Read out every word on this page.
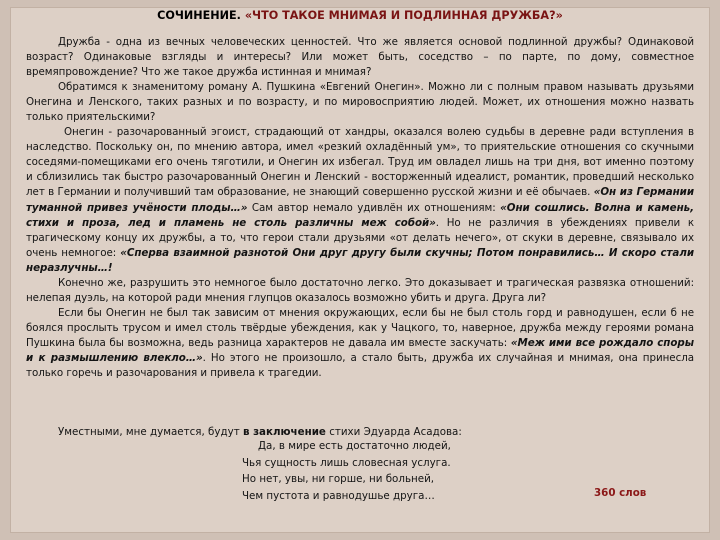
СОЧИНЕНИЕ. «ЧТО ТАКОЕ МНИМАЯ И ПОДЛИННАЯ ДРУЖБА?»

Дружба - одна из вечных человеческих ценностей. Что же является основой подлинной дружбы? Одинаковой возраст? Одинаковые взгляды и интересы? Или может быть, соседство – по парте, по дому, совместное времяпровождение? Что же такое дружба истинная и мнимая?

Обратимся к знаменитому роману А. Пушкина «Евгений Онегин». Можно ли с полным правом называть друзьями Онегина и Ленского, таких разных и по возрасту, и по мировосприятию людей. Может, их отношения можно назвать только приятельскими?

Онегин - разочарованный эгоист, страдающий от хандры, оказался волею судьбы в деревне ради вступления в наследство. Поскольку он, по мнению автора, имел «резкий охладённый ум», то приятельские отношения со скучными соседями-помещиками его очень тяготили, и Онегин их избегал. Труд им овладел лишь на три дня, вот именно поэтому и сблизились так быстро разочарованный Онегин и Ленский - восторженный идеалист, романтик, проведший несколько лет в Германии и получивший там образование, не знающий совершенно русской жизни и её обычаев. «Он из Германии туманной привез учёности плоды…» Сам автор немало удивлён их отношениям: «Они сошлись. Волна и камень, стихи и проза, лед и пламень не столь различны меж собой». Но не различия в убеждениях привели к трагическому концу их дружбы, а то, что герои стали друзьями «от делать нечего», от скуки в деревне, связывало их очень немногое: «Сперва взаимной разнотой Они друг другу были скучны; Потом понравились… И скоро стали неразлучны…!

Конечно же, разрушить это немногое было достаточно легко. Это доказывает и трагическая развязка отношений: нелепая дуэль, на которой ради мнения глупцов оказалось возможно убить и друга. Друга ли?

Если бы Онегин не был так зависим от мнения окружающих, если бы не был столь горд и равнодушен, если б не боялся прослыть трусом и имел столь твёрдые убеждения, как у Чацкого, то, наверное, дружба между героями романа Пушкина была бы возможна, ведь разница характеров не давала им вместе заскучать: «Меж ими все рождало споры и к размышлению влекло…». Но этого не произошло, а стало быть, дружба их случайная и мнимая, она принесла только горечь и разочарования и привела к трагедии.

Уместными, мне думается, будут в заключение стихи Эдуарда Асадова:
Да, в мире есть достаточно людей,
Чья сущность лишь словесная услуга.
Но нет, увы, ни горше, ни больней,
Чем пустота и равнодушье друга…	360 слов
